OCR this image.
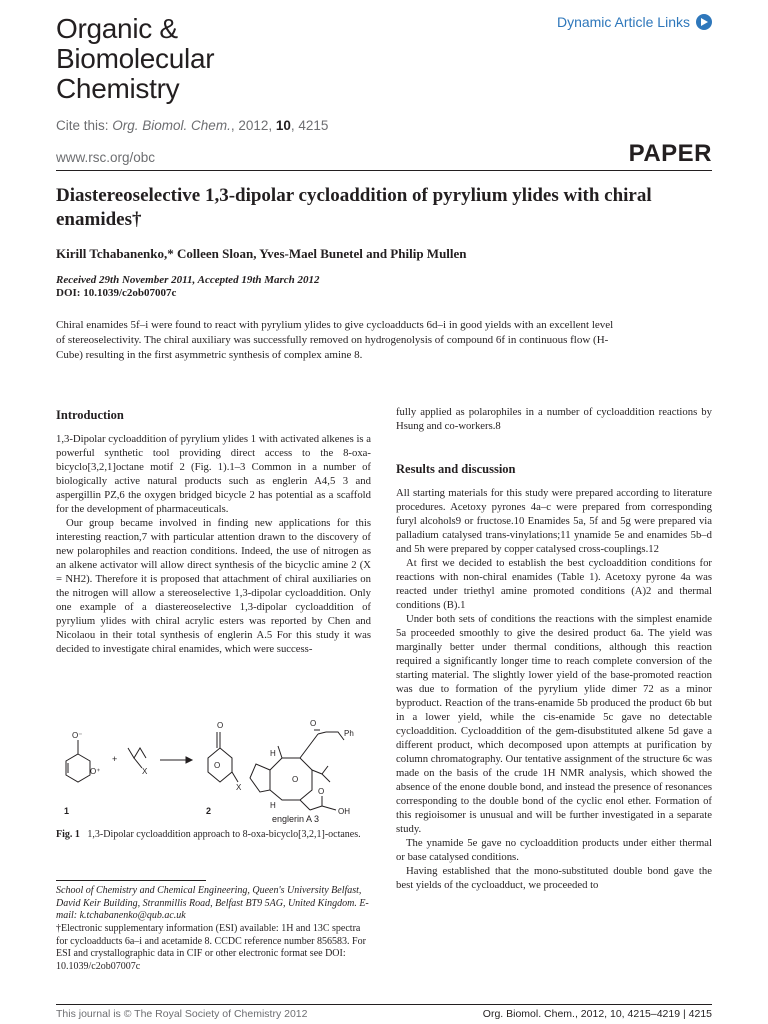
Organic &
Biomolecular
Chemistry
Dynamic Article Links
Cite this: Org. Biomol. Chem., 2012, 10, 4215
www.rsc.org/obc	PAPER
Diastereoselective 1,3-dipolar cycloaddition of pyrylium ylides with chiral enamides†
Kirill Tchabanenko,* Colleen Sloan, Yves-Mael Bunetel and Philip Mullen
Received 29th November 2011, Accepted 19th March 2012
DOI: 10.1039/c2ob07007c
Chiral enamides 5f–i were found to react with pyrylium ylides to give cycloadducts 6d–i in good yields with an excellent level of stereoselectivity. The chiral auxiliary was successfully removed on hydrogenolysis of compound 6f in continuous flow (H-Cube) resulting in the first asymmetric synthesis of complex amine 8.
Introduction

1,3-Dipolar cycloaddition of pyrylium ylides 1 with activated alkenes is a powerful synthetic tool providing direct access to the 8-oxa-bicyclo[3,2,1]octane motif 2 (Fig. 1).1–3 Common in a number of biologically active natural products such as englerin A4,5 3 and aspergillin PZ,6 the oxygen bridged bicycle 2 has potential as a scaffold for the development of pharmaceuticals.

Our group became involved in finding new applications for this interesting reaction,7 with particular attention drawn to the discovery of new polarophiles and reaction conditions. Indeed, the use of nitrogen as an alkene activator will allow direct synthesis of the bicyclic amine 2 (X = NH2). Therefore it is proposed that attachment of chiral auxiliaries on the nitrogen will allow a stereoselective 1,3-dipolar cycloaddition. Only one example of a diastereoselective 1,3-dipolar cycloaddition of pyrylium ylides with chiral acrylic esters was reported by Chen and Nicolaou in their total synthesis of englerin A.5 For this study it was decided to investigate chiral enamides, which were success-

O⁻
O⁺
+
X
O
O
X
O
Ph
H
O
H
O
OH
1	2
englerin A 3
Fig. 1 1,3-Dipolar cycloaddition approach to 8-oxa-bicyclo[3,2,1]-octanes.
School of Chemistry and Chemical Engineering, Queen's University Belfast, David Keir Building, Stranmillis Road, Belfast BT9 5AG, United Kingdom. E-mail: k.tchabanenko@qub.ac.uk
†Electronic supplementary information (ESI) available: 1H and 13C spectra for cycloadducts 6a–i and acetamide 8. CCDC reference number 856583. For ESI and crystallographic data in CIF or other electronic format see DOI: 10.1039/c2ob07007c

fully applied as polarophiles in a number of cycloaddition reactions by Hsung and co-workers.8

Results and discussion

All starting materials for this study were prepared according to literature procedures. Acetoxy pyrones 4a–c were prepared from corresponding furyl alcohols9 or fructose.10 Enamides 5a, 5f and 5g were prepared via palladium catalysed trans-vinylations;11 ynamide 5e and enamides 5b–d and 5h were prepared by copper catalysed cross-couplings.12

At first we decided to establish the best cycloaddition conditions for reactions with non-chiral enamides (Table 1). Acetoxy pyrone 4a was reacted under triethyl amine promoted conditions (A)2 and thermal conditions (B).1

Under both sets of conditions the reactions with the simplest enamide 5a proceeded smoothly to give the desired product 6a. The yield was marginally better under thermal conditions, although this reaction required a significantly longer time to reach complete conversion of the starting material. The slightly lower yield of the base-promoted reaction was due to formation of the pyrylium ylide dimer 72 as a minor byproduct. Reaction of the trans-enamide 5b produced the product 6b but in a lower yield, while the cis-enamide 5c gave no detectable cycloaddition. Cycloaddition of the gem-disubstituted alkene 5d gave a different product, which decomposed upon attempts at purification by column chromatography. Our tentative assignment of the structure 6c was made on the basis of the crude 1H NMR analysis, which showed the absence of the enone double bond, and instead the presence of resonances corresponding to the double bond of the cyclic enol ether. Formation of this regioisomer is unusual and will be further investigated in a separate study.

The ynamide 5e gave no cycloaddition products under either thermal or base catalysed conditions.

Having established that the mono-substituted double bond gave the best yields of the cycloadduct, we proceeded to

This journal is © The Royal Society of Chemistry 2012	Org. Biomol. Chem., 2012, 10, 4215–4219 | 4215
